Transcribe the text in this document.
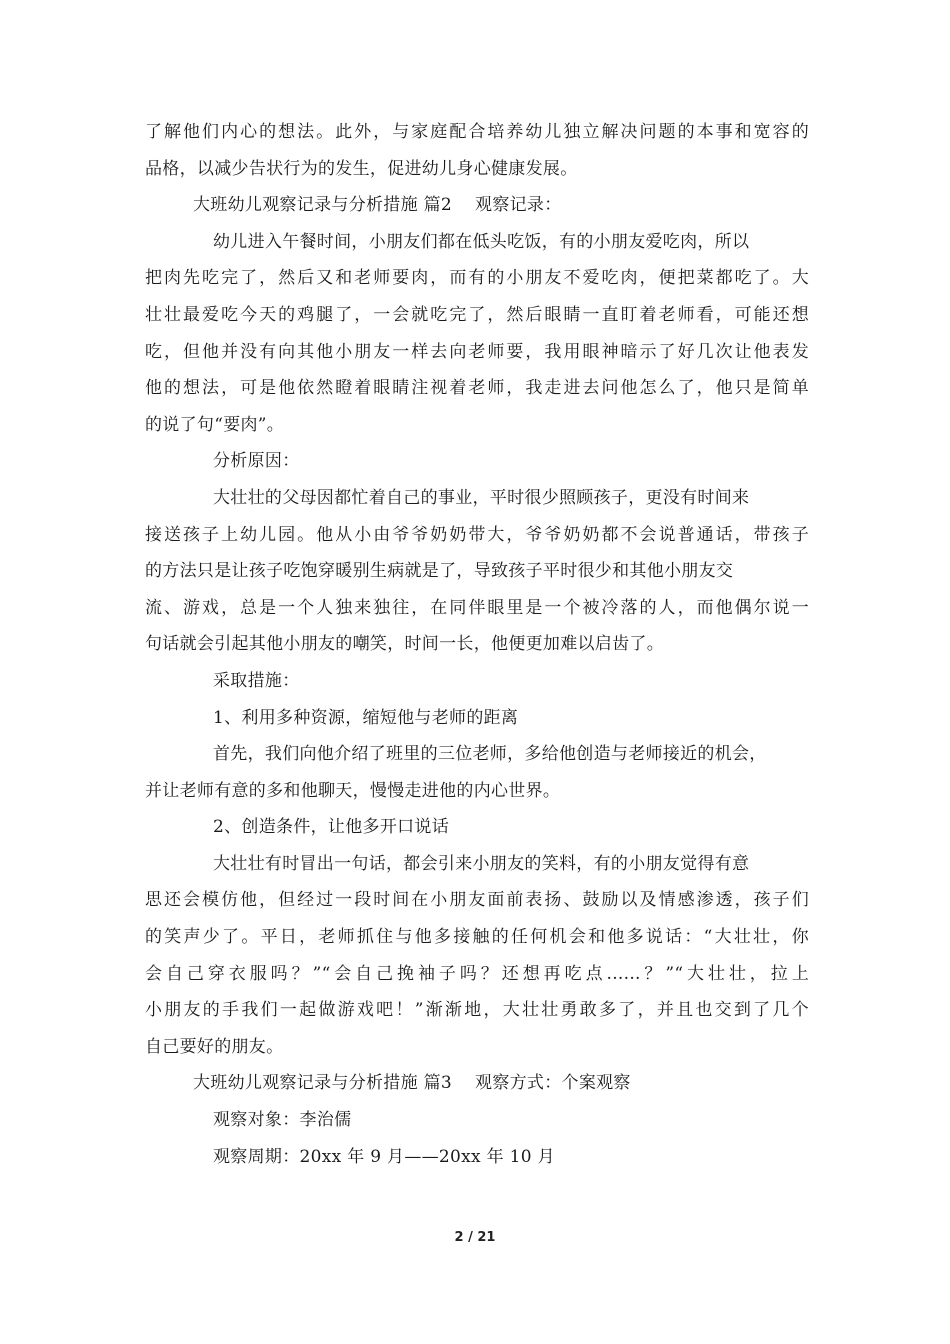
了解他们内心的想法。此外，与家庭配合培养幼儿独立解决问题的本事和宽容的
品格，以减少告状行为的发生，促进幼儿身心健康发展。
大班幼儿观察记录与分析措施 篇2　 观察记录：
幼儿进入午餐时间，小朋友们都在低头吃饭，有的小朋友爱吃肉，所以
把肉先吃完了，然后又和老师要肉，而有的小朋友不爱吃肉，便把菜都吃了。大
壮壮最爱吃今天的鸡腿了，一会就吃完了，然后眼睛一直盯着老师看，可能还想
吃，但他并没有向其他小朋友一样去向老师要，我用眼神暗示了好几次让他表发
他的想法，可是他依然瞪着眼睛注视着老师，我走进去问他怎么了，他只是简单
的说了句“要肉”。
分析原因：
大壮壮的父母因都忙着自己的事业，平时很少照顾孩子，更没有时间来
接送孩子上幼儿园。他从小由爷爷奶奶带大，爷爷奶奶都不会说普通话，带孩子
的方法只是让孩子吃饱穿暖别生病就是了，导致孩子平时很少和其他小朋友交
流、游戏，总是一个人独来独往，在同伴眼里是一个被冷落的人，而他偶尔说一
句话就会引起其他小朋友的嘲笑，时间一长，他便更加难以启齿了。
采取措施：
1、利用多种资源，缩短他与老师的距离
首先，我们向他介绍了班里的三位老师，多给他创造与老师接近的机会，
并让老师有意的多和他聊天，慢慢走进他的内心世界。
2、创造条件，让他多开口说话
大壮壮有时冒出一句话，都会引来小朋友的笑料，有的小朋友觉得有意
思还会模仿他，但经过一段时间在小朋友面前表扬、鼓励以及情感渗透，孩子们
的笑声少了。平日，老师抓住与他多接触的任何机会和他多说话：“大壮壮，你
会自己穿衣服吗？”“会自己挽袖子吗？还想再吃点......？”“大壮壮，拉上
小朋友的手我们一起做游戏吧！”渐渐地，大壮壮勇敢多了，并且也交到了几个
自己要好的朋友。
大班幼儿观察记录与分析措施 篇3　 观察方式：个案观察
观察对象：李治儒
观察周期：20xx 年 9 月——20xx 年 10 月
2 / 21
